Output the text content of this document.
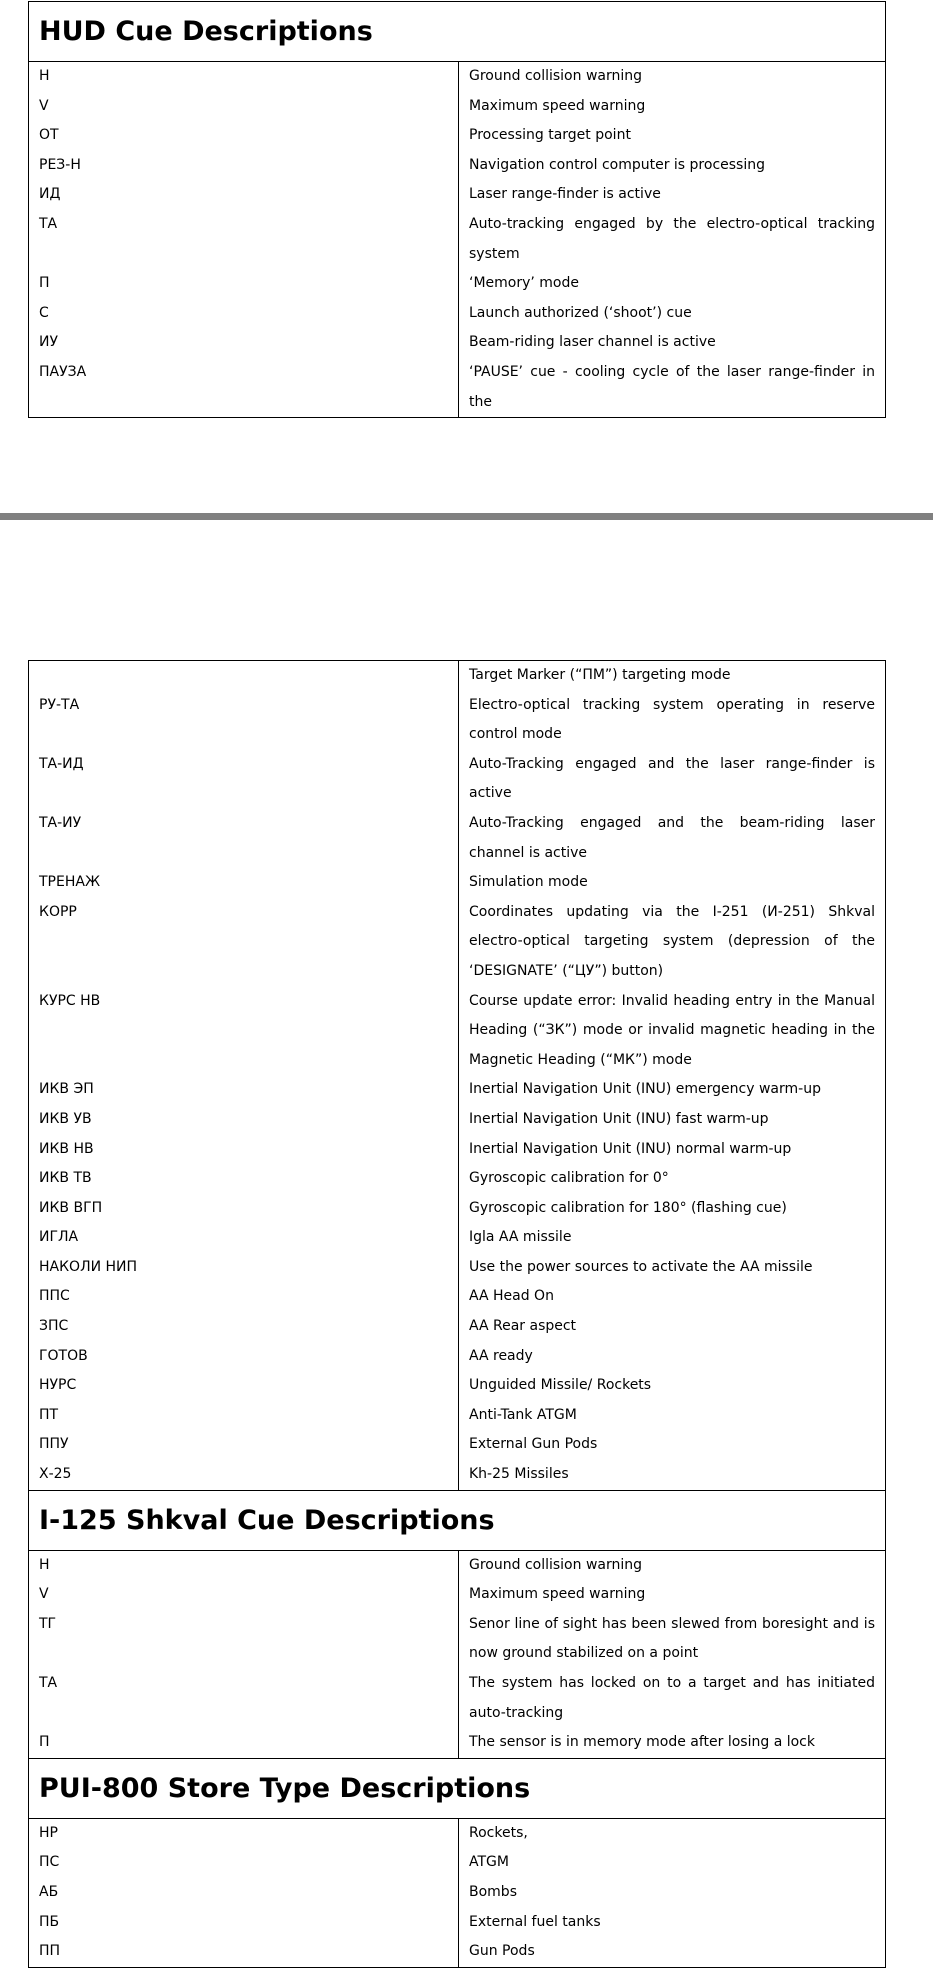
HUD Cue Descriptions
Н	Ground collision warning
V	Maximum speed warning
ОТ	Processing target point
РЕЗ-Н	Navigation control computer is processing
ИД	Laser range-finder is active
ТА	Auto-tracking engaged by the electro-optical tracking system
П	‘Memory’ mode
С	Launch authorized (‘shoot’) cue
ИУ	Beam-riding laser channel is active
ПАУЗА	‘PAUSE’ cue - cooling cycle of the laser range-finder in the
	Target Marker (“ПМ”) targeting mode
РУ-ТА	Electro-optical tracking system operating in reserve control mode
ТА-ИД	Auto-Tracking engaged and the laser range-finder is active
ТА-ИУ	Auto-Tracking engaged and the beam-riding laser channel is active
ТРЕНАЖ	Simulation mode
КОРР	Coordinates updating via the I-251 (И-251) Shkval electro-optical targeting system (depression of the ‘DESIGNATE’ (“ЦУ”) button)
КУРС НВ	Course update error: Invalid heading entry in the Manual Heading (“ЗК”) mode or invalid magnetic heading in the Magnetic Heading (“МК”) mode
ИКВ ЭП	Inertial Navigation Unit (INU) emergency warm-up
ИКВ УВ	Inertial Navigation Unit (INU) fast warm-up
ИКВ НВ	Inertial Navigation Unit (INU) normal warm-up
ИКВ ТВ	Gyroscopic calibration for 0°
ИКВ ВГП	Gyroscopic calibration for 180° (flashing cue)
ИГЛА	Igla AA missile
НАКОЛИ НИП	Use the power sources to activate the AA missile
ППС	AA Head On
ЗПС	AA Rear aspect
ГОТОВ	AA ready
НУРС	Unguided Missile/ Rockets
ПТ	Anti-Tank ATGM
ППУ	External Gun Pods
Х-25	Kh-25 Missiles
I-125 Shkval Cue Descriptions
Н	Ground collision warning
V	Maximum speed warning
ТГ	Senor line of sight has been slewed from boresight and is now ground stabilized on a point
ТА	The system has locked on to a target and has initiated auto-tracking
П	The sensor is in memory mode after losing a lock
PUI-800 Store Type Descriptions
НР	Rockets,
ПС	ATGM
АБ	Bombs
ПБ	External fuel tanks
ПП	Gun Pods
